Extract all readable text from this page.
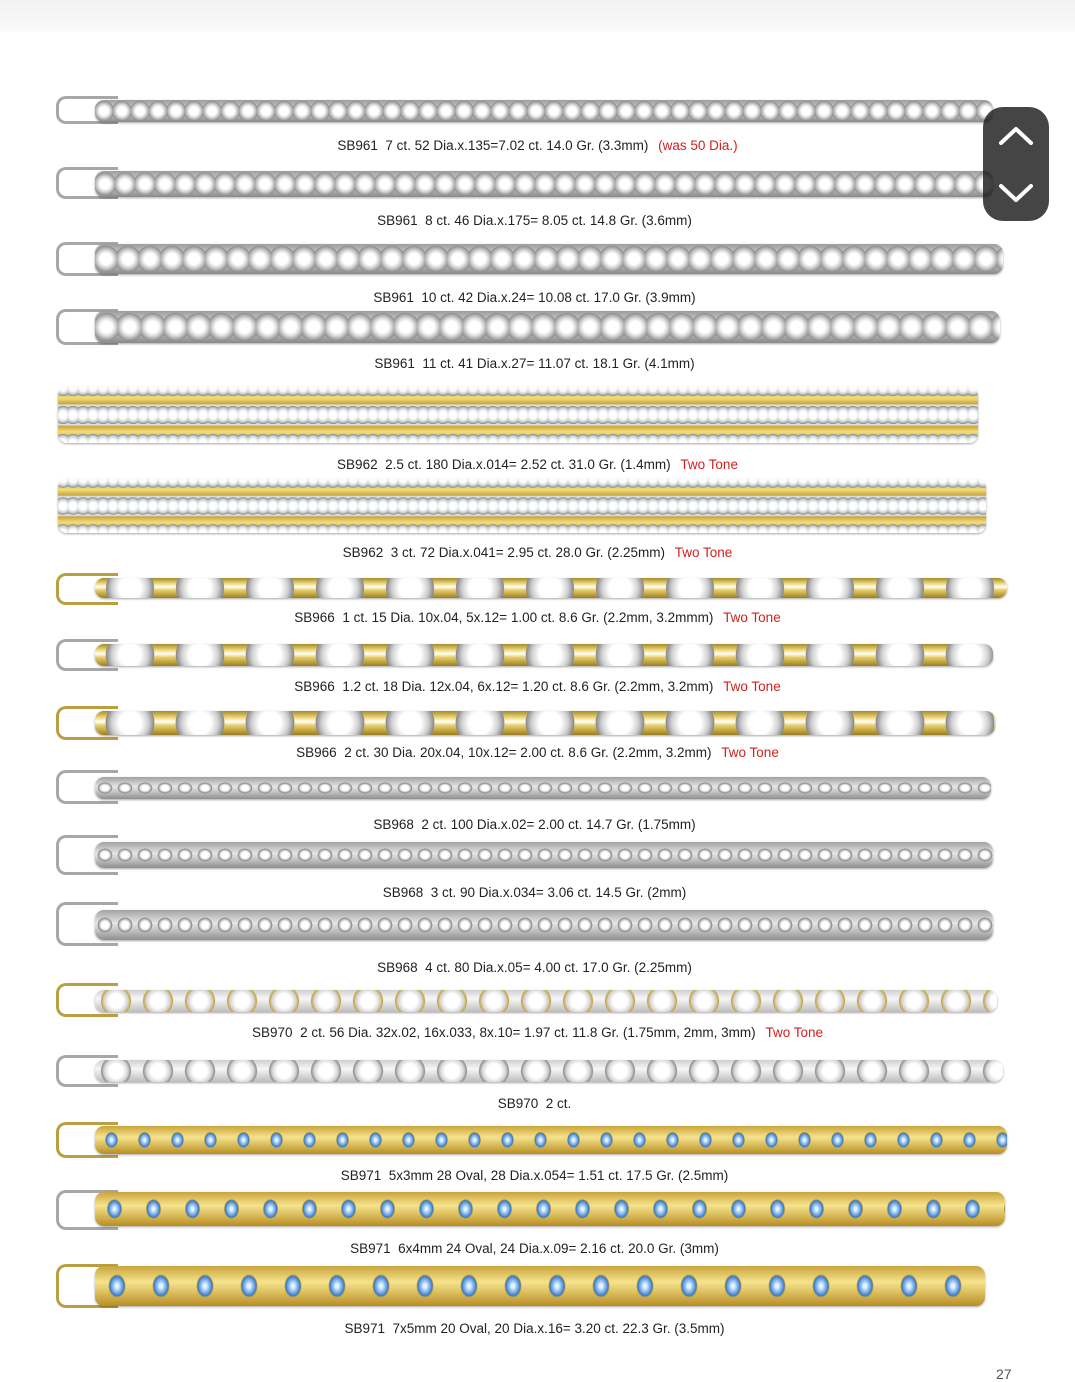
SB961 7 ct. 52 Dia.x.135=7.02 ct. 14.0 Gr. (3.3mm) (was 50 Dia.)
SB961 8 ct. 46 Dia.x.175= 8.05 ct. 14.8 Gr. (3.6mm)
SB961 10 ct. 42 Dia.x.24= 10.08 ct. 17.0 Gr. (3.9mm)
SB961 11 ct. 41 Dia.x.27= 11.07 ct. 18.1 Gr. (4.1mm)
SB962 2.5 ct. 180 Dia.x.014= 2.52 ct. 31.0 Gr. (1.4mm) Two Tone
SB962 3 ct. 72 Dia.x.041= 2.95 ct. 28.0 Gr. (2.25mm) Two Tone
SB966 1 ct. 15 Dia. 10x.04, 5x.12= 1.00 ct. 8.6 Gr. (2.2mm, 3.2mmm) Two Tone
SB966 1.2 ct. 18 Dia. 12x.04, 6x.12= 1.20 ct. 8.6 Gr. (2.2mm, 3.2mm) Two Tone
SB966 2 ct. 30 Dia. 20x.04, 10x.12= 2.00 ct. 8.6 Gr. (2.2mm, 3.2mm) Two Tone
SB968 2 ct. 100 Dia.x.02= 2.00 ct. 14.7 Gr. (1.75mm)
SB968 3 ct. 90 Dia.x.034= 3.06 ct. 14.5 Gr. (2mm)
SB968 4 ct. 80 Dia.x.05= 4.00 ct. 17.0 Gr. (2.25mm)
SB970 2 ct. 56 Dia. 32x.02, 16x.033, 8x.10= 1.97 ct. 11.8 Gr. (1.75mm, 2mm, 3mm) Two Tone
SB970 2 ct.
SB971 5x3mm 28 Oval, 28 Dia.x.054= 1.51 ct. 17.5 Gr. (2.5mm)
SB971 6x4mm 24 Oval, 24 Dia.x.09= 2.16 ct. 20.0 Gr. (3mm)
SB971 7x5mm 20 Oval, 20 Dia.x.16= 3.20 ct. 22.3 Gr. (3.5mm)
27
